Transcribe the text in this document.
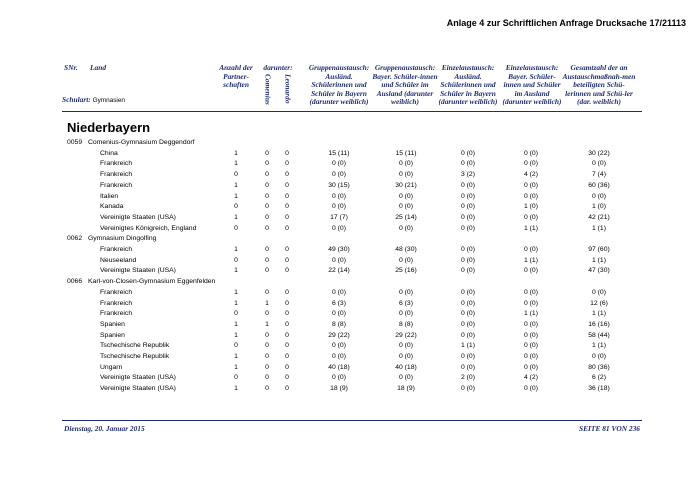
Anlage 4 zur Schriftlichen Anfrage Drucksache 17/21113
SNr. Land
Schulart: Gymnasien
Anzahl der Partner-schaften
darunter:
Comenius Leonardo
Gruppenaustausch: Ausländ. Schülerinnen und Schüler in Bayern (darunter weiblich)
Gruppenaustausch: Bayer. Schüler-innen und Schüler im Ausland (darunter weiblich)
Einzelaustausch: Ausländ. Schülerinnen und Schüler in Bayern (darunter weiblich)
Einzelaustausch: Bayer. Schüler-innen und Schüler im Ausland (darunter weiblich)
Gesamtzahl der an Austauschmaßnah-men beteiligten Schü-lerinnen und Schü-ler (dar. weiblich)
Niederbayern
0059 Comenius-Gymnasium Deggendorf
China	1	0	0	15 (11)	15 (11)	0 (0)	0 (0)	30 (22)
Frankreich	1	0	0	0 (0)	0 (0)	0 (0)	0 (0)	0 (0)
Frankreich	0	0	0	0 (0)	0 (0)	3 (2)	4 (2)	7 (4)
Frankreich	1	0	0	30 (15)	30 (21)	0 (0)	0 (0)	60 (36)
Italien	1	0	0	0 (0)	0 (0)	0 (0)	0 (0)	0 (0)
Kanada	0	0	0	0 (0)	0 (0)	0 (0)	1 (0)	1 (0)
Vereinigte Staaten (USA)	1	0	0	17 (7)	25 (14)	0 (0)	0 (0)	42 (21)
Vereinigtes Königreich, England	0	0	0	0 (0)	0 (0)	0 (0)	1 (1)	1 (1)
0062 Gymnasium Dingolfing
Frankreich	1	0	0	49 (30)	48 (30)	0 (0)	0 (0)	97 (60)
Neuseeland	0	0	0	0 (0)	0 (0)	0 (0)	1 (1)	1 (1)
Vereinigte Staaten (USA)	1	0	0	22 (14)	25 (16)	0 (0)	0 (0)	47 (30)
0066 Karl-von-Closen-Gymnasium Eggenfelden
Frankreich	1	0	0	0 (0)	0 (0)	0 (0)	0 (0)	0 (0)
Frankreich	1	1	0	6 (3)	6 (3)	0 (0)	0 (0)	12 (6)
Frankreich	0	0	0	0 (0)	0 (0)	0 (0)	1 (1)	1 (1)
Spanien	1	1	0	8 (8)	8 (8)	0 (0)	0 (0)	16 (16)
Spanien	1	0	0	29 (22)	29 (22)	0 (0)	0 (0)	58 (44)
Tschechische Republik	0	0	0	0 (0)	0 (0)	1 (1)	0 (0)	1 (1)
Tschechische Republik	1	0	0	0 (0)	0 (0)	0 (0)	0 (0)	0 (0)
Ungarn	1	0	0	40 (18)	40 (18)	0 (0)	0 (0)	80 (36)
Vereinigte Staaten (USA)	0	0	0	0 (0)	0 (0)	2 (0)	4 (2)	6 (2)
Vereinigte Staaten (USA)	1	0	0	18 (9)	18 (9)	0 (0)	0 (0)	36 (18)
Dienstag, 20. Januar 2015	SEITE 81 VON 236
